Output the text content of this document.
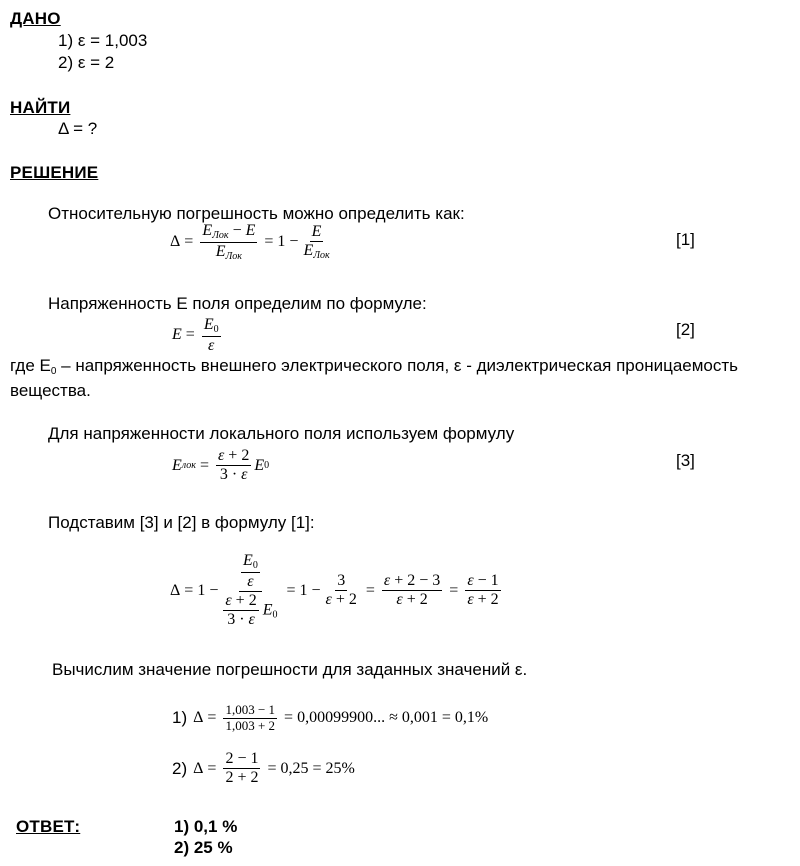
ДАНО
1) ε = 1,003
2) ε = 2
НАЙТИ
Δ = ?
РЕШЕНИЕ
Относительную погрешность можно определить как:
$\Delta = \frac{E_{Лок} - E}{E_{Лок}} = 1 - \frac{E}{E_{Лок}}$	[1]
Напряженность Е поля определим по формуле:
$E = \frac{E_0}{\varepsilon}$	[2]
где $Е_0$ – напряженность внешнего электрического поля, ε - диэлектрическая проницаемость
вещества.
Для напряженности локального поля используем формулу
E лок = $\frac{\varepsilon + 2}{3 \cdot \varepsilon}$ E 0	[3]
Подставим [3] и [2] в формулу [1]:
$\Delta = 1 - \frac{\frac{E_0}{\varepsilon}}{\frac{\varepsilon + 2}{3 \cdot \varepsilon} E_0} = 1 - \frac{3}{\varepsilon + 2} = \frac{\varepsilon + 2 - 3}{\varepsilon + 2} = \frac{\varepsilon - 1}{\varepsilon + 2}$
Вычислим значение погрешности для заданных значений ε.
1) $\Delta = \frac{1,003 - 1}{1,003 + 2} = 0,00099900$... ≈ 0,001 = 0,1%
2) $\Delta = \frac{2 - 1}{2 + 2} = 0,25 = 25\%$
ОТВЕТ:	1) 0,1 %
2) 25 %
